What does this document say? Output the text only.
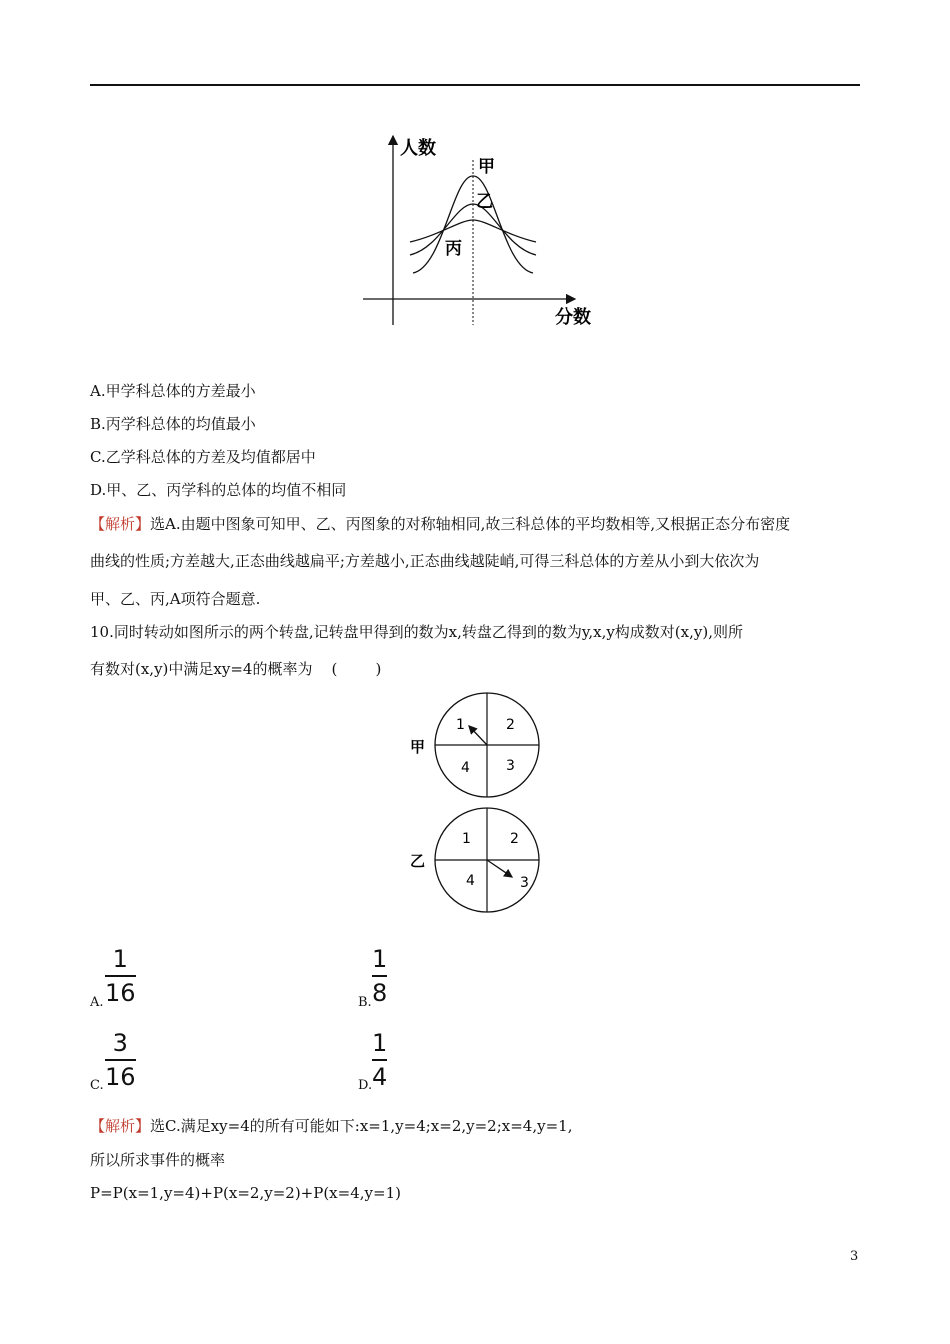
人数
分数
甲
乙
丙
A.甲学科总体的方差最小
B.丙学科总体的均值最小
C.乙学科总体的方差及均值都居中
D.甲、乙、丙学科的总体的均值不相同
【解析】选A.由题中图象可知甲、乙、丙图象的对称轴相同,故三科总体的平均数相等,又根据正态分布密度
曲线的性质;方差越大,正态曲线越扁平;方差越小,正态曲线越陡峭,可得三科总体的方差从小到大依次为
甲、乙、丙,A项符合题意.
10.同时转动如图所示的两个转盘,记转盘甲得到的数为x,转盘乙得到的数为y,x,y构成数对(x,y),则所
有数对(x,y)中满足xy=4的概率为    (        )
甲
1	2
4	3
乙
1	2
4	3
A.
1
16	B.
1
8
C.
3
16	D.
1
4
【解析】选C.满足xy=4的所有可能如下:x=1,y=4;x=2,y=2;x=4,y=1,
所以所求事件的概率
P=P(x=1,y=4)+P(x=2,y=2)+P(x=4,y=1)
3
